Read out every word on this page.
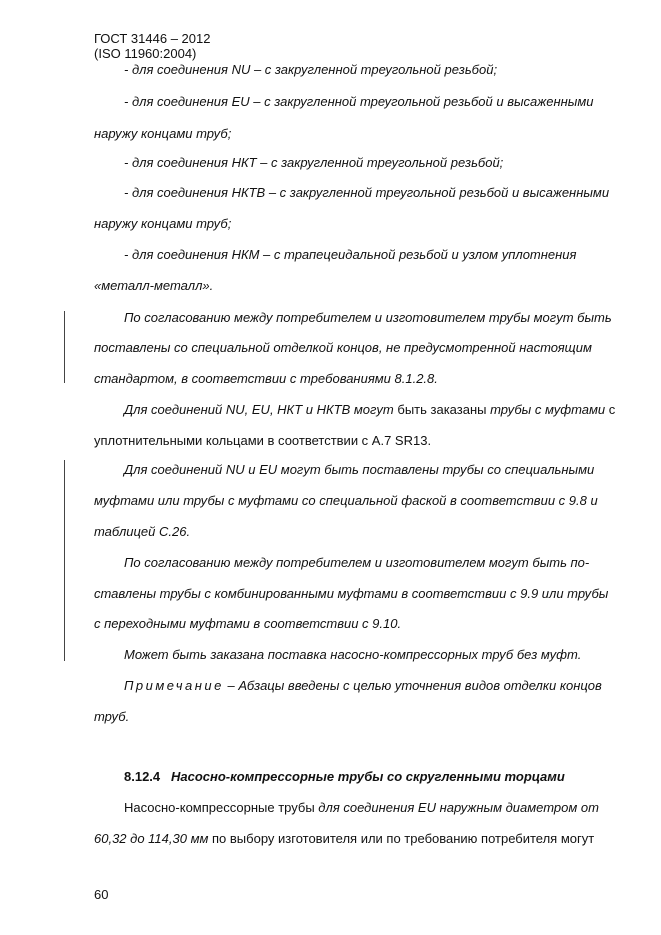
ГОСТ 31446 – 2012
(ISO 11960:2004)
- для соединения NU – с закругленной треугольной резьбой;
- для соединения EU – с закругленной треугольной резьбой и высаженными
наружу концами труб;
- для соединения НКТ – с закругленной треугольной резьбой;
- для соединения НКТВ – с закругленной треугольной резьбой и высаженными
наружу концами труб;
- для соединения НКМ – с трапецеидальной резьбой и узлом уплотнения
«металл-металл».
По согласованию между потребителем и изготовителем трубы могут быть
поставлены со специальной отделкой концов, не предусмотренной настоящим
стандартом, в соответствии с требованиями 8.1.2.8.
Для соединений NU, EU, НКТ и НКТВ могут быть заказаны трубы с муфтами с
уплотнительными кольцами в соответствии с А.7 SR13.
Для соединений NU и EU могут быть поставлены трубы со специальными
муфтами или трубы с муфтами со специальной фаской в соответствии с 9.8 и
таблицей С.26.
По согласованию между потребителем и изготовителем могут быть по-
ставлены трубы с комбинированными муфтами в соответствии с 9.9 или трубы
с переходными муфтами в соответствии с 9.10.
Может быть заказана поставка насосно-компрессорных труб без муфт.
Примечание – Абзацы введены с целью уточнения видов отделки концов
труб.
8.12.4 Насосно-компрессорные трубы со скругленными торцами
Насосно-компрессорные трубы для соединения EU наружным диаметром от
60,32 до 114,30 мм по выбору изготовителя или по требованию потребителя могут
60
